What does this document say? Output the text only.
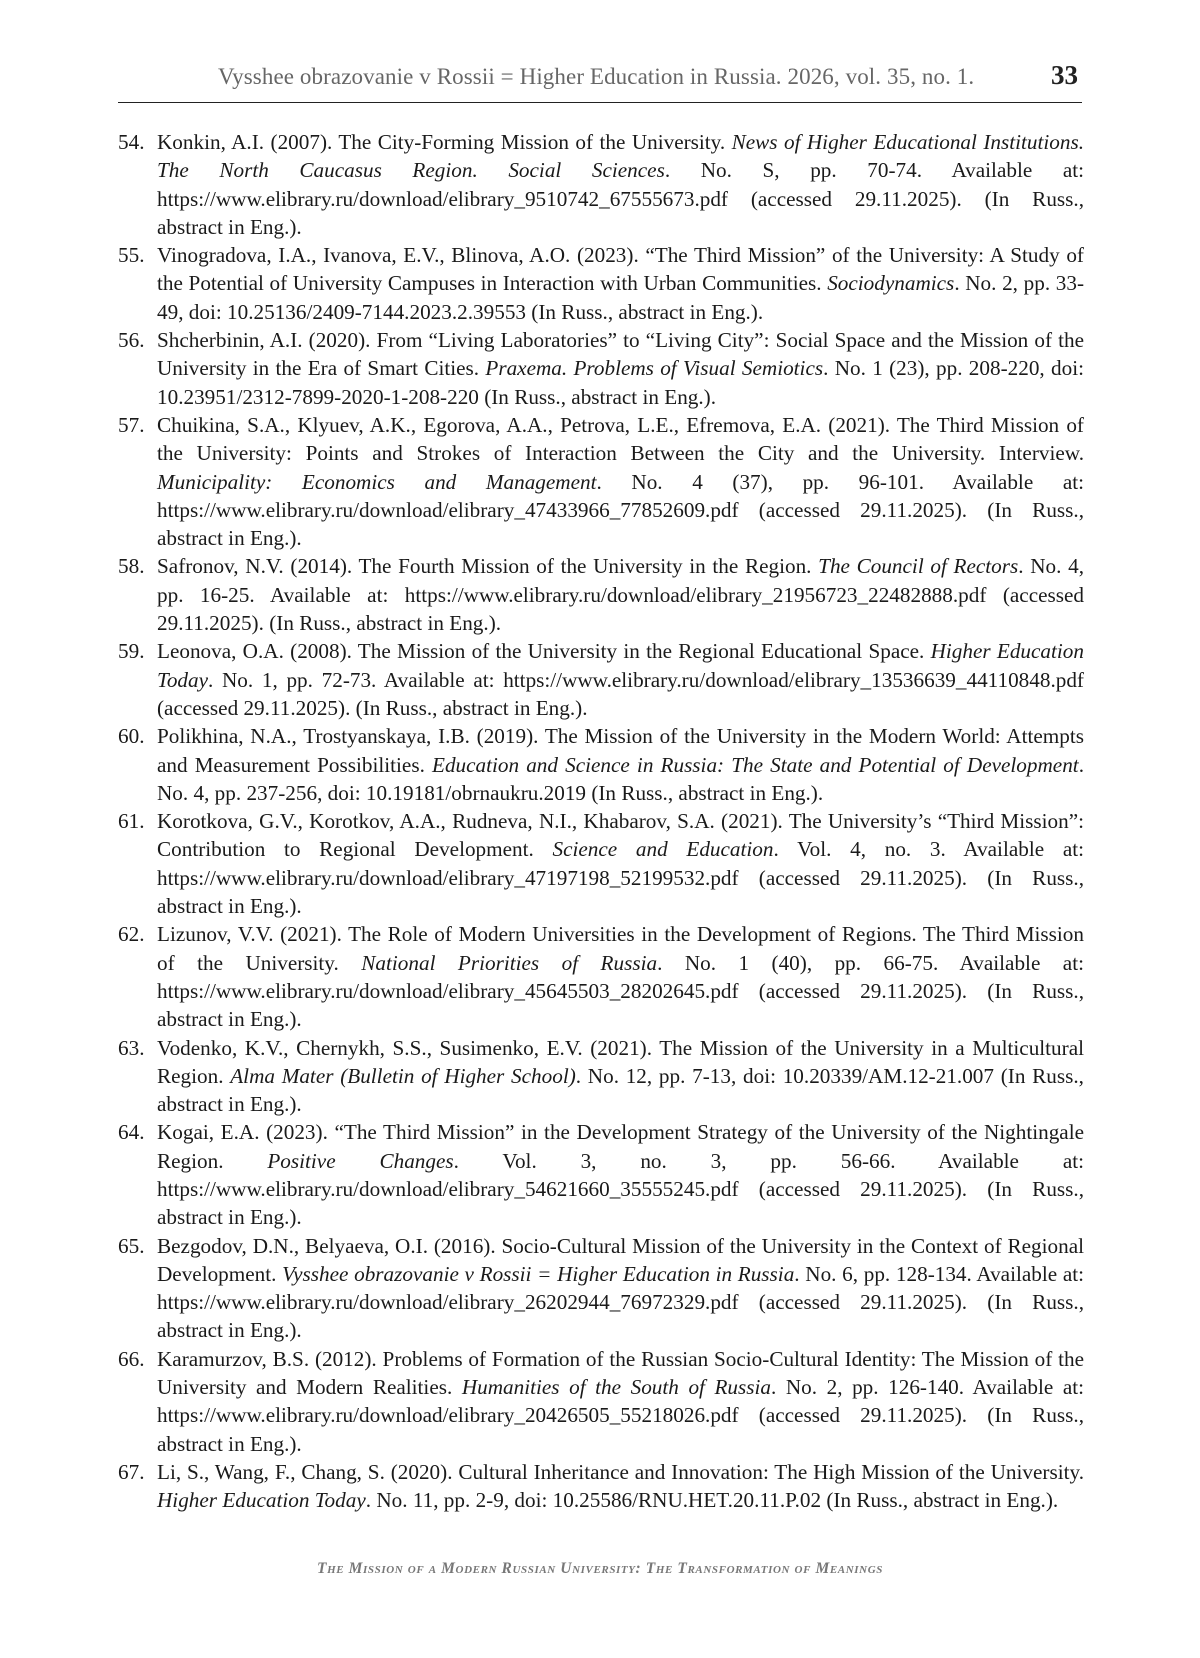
Vysshee obrazovanie v Rossii = Higher Education in Russia. 2026, vol. 35, no. 1.	33
54. Konkin, A.I. (2007). The City-Forming Mission of the University. News of Higher Educational Institutions. The North Caucasus Region. Social Sciences. No. S, pp. 70-74. Available at: https://www.elibrary.ru/download/elibrary_9510742_67555673.pdf (accessed 29.11.2025). (In Russ., abstract in Eng.).
55. Vinogradova, I.A., Ivanova, E.V., Blinova, A.O. (2023). “The Third Mission” of the University: A Study of the Potential of University Campuses in Interaction with Urban Communities. Sociodynamics. No. 2, pp. 33-49, doi: 10.25136/2409-7144.2023.2.39553 (In Russ., abstract in Eng.).
56. Shcherbinin, A.I. (2020). From “Living Laboratories” to “Living City”: Social Space and the Mission of the University in the Era of Smart Cities. Praxema. Problems of Visual Semiotics. No. 1 (23), pp. 208-220, doi: 10.23951/2312-7899-2020-1-208-220 (In Russ., abstract in Eng.).
57. Chuikina, S.A., Klyuev, A.K., Egorova, A.A., Petrova, L.E., Efremova, E.A. (2021). The Third Mission of the University: Points and Strokes of Interaction Between the City and the University. Interview. Municipality: Economics and Management. No. 4 (37), pp. 96-101. Available at: https://www.elibrary.ru/download/elibrary_47433966_77852609.pdf (accessed 29.11.2025). (In Russ., abstract in Eng.).
58. Safronov, N.V. (2014). The Fourth Mission of the University in the Region. The Council of Rectors. No. 4, pp. 16-25. Available at: https://www.elibrary.ru/download/elibrary_21956723_22482888.pdf (accessed 29.11.2025). (In Russ., abstract in Eng.).
59. Leonova, O.A. (2008). The Mission of the University in the Regional Educational Space. Higher Education Today. No. 1, pp. 72-73. Available at: https://www.elibrary.ru/download/elibrary_13536639_44110848.pdf (accessed 29.11.2025). (In Russ., abstract in Eng.).
60. Polikhina, N.A., Trostyanskaya, I.B. (2019). The Mission of the University in the Modern World: Attempts and Measurement Possibilities. Education and Science in Russia: The State and Potential of Development. No. 4, pp. 237-256, doi: 10.19181/obrnaukru.2019 (In Russ., abstract in Eng.).
61. Korotkova, G.V., Korotkov, A.A., Rudneva, N.I., Khabarov, S.A. (2021). The University’s “Third Mission”: Contribution to Regional Development. Science and Education. Vol. 4, no. 3. Available at: https://www.elibrary.ru/download/elibrary_47197198_52199532.pdf (accessed 29.11.2025). (In Russ., abstract in Eng.).
62. Lizunov, V.V. (2021). The Role of Modern Universities in the Development of Regions. The Third Mission of the University. National Priorities of Russia. No. 1 (40), pp. 66-75. Available at: https://www.elibrary.ru/download/elibrary_45645503_28202645.pdf (accessed 29.11.2025). (In Russ., abstract in Eng.).
63. Vodenko, K.V., Chernykh, S.S., Susimenko, E.V. (2021). The Mission of the University in a Multicultural Region. Alma Mater (Bulletin of Higher School). No. 12, pp. 7-13, doi: 10.20339/AM.12-21.007 (In Russ., abstract in Eng.).
64. Kogai, E.A. (2023). “The Third Mission” in the Development Strategy of the University of the Nightingale Region. Positive Changes. Vol. 3, no. 3, pp. 56-66. Available at: https://www.elibrary.ru/download/elibrary_54621660_35555245.pdf (accessed 29.11.2025). (In Russ., abstract in Eng.).
65. Bezgodov, D.N., Belyaeva, O.I. (2016). Socio-Cultural Mission of the University in the Context of Regional Development. Vysshee obrazovanie v Rossii = Higher Education in Russia. No. 6, pp. 128-134. Available at: https://www.elibrary.ru/download/elibrary_26202944_76972329.pdf (accessed 29.11.2025). (In Russ., abstract in Eng.).
66. Karamurzov, B.S. (2012). Problems of Formation of the Russian Socio-Cultural Identity: The Mission of the University and Modern Realities. Humanities of the South of Russia. No. 2, pp. 126-140. Available at: https://www.elibrary.ru/download/elibrary_20426505_55218026.pdf (accessed 29.11.2025). (In Russ., abstract in Eng.).
67. Li, S., Wang, F., Chang, S. (2020). Cultural Inheritance and Innovation: The High Mission of the University. Higher Education Today. No. 11, pp. 2-9, doi: 10.25586/RNU.HET.20.11.P.02 (In Russ., abstract in Eng.).
The Mission of a Modern Russian University: The Transformation of Meanings
